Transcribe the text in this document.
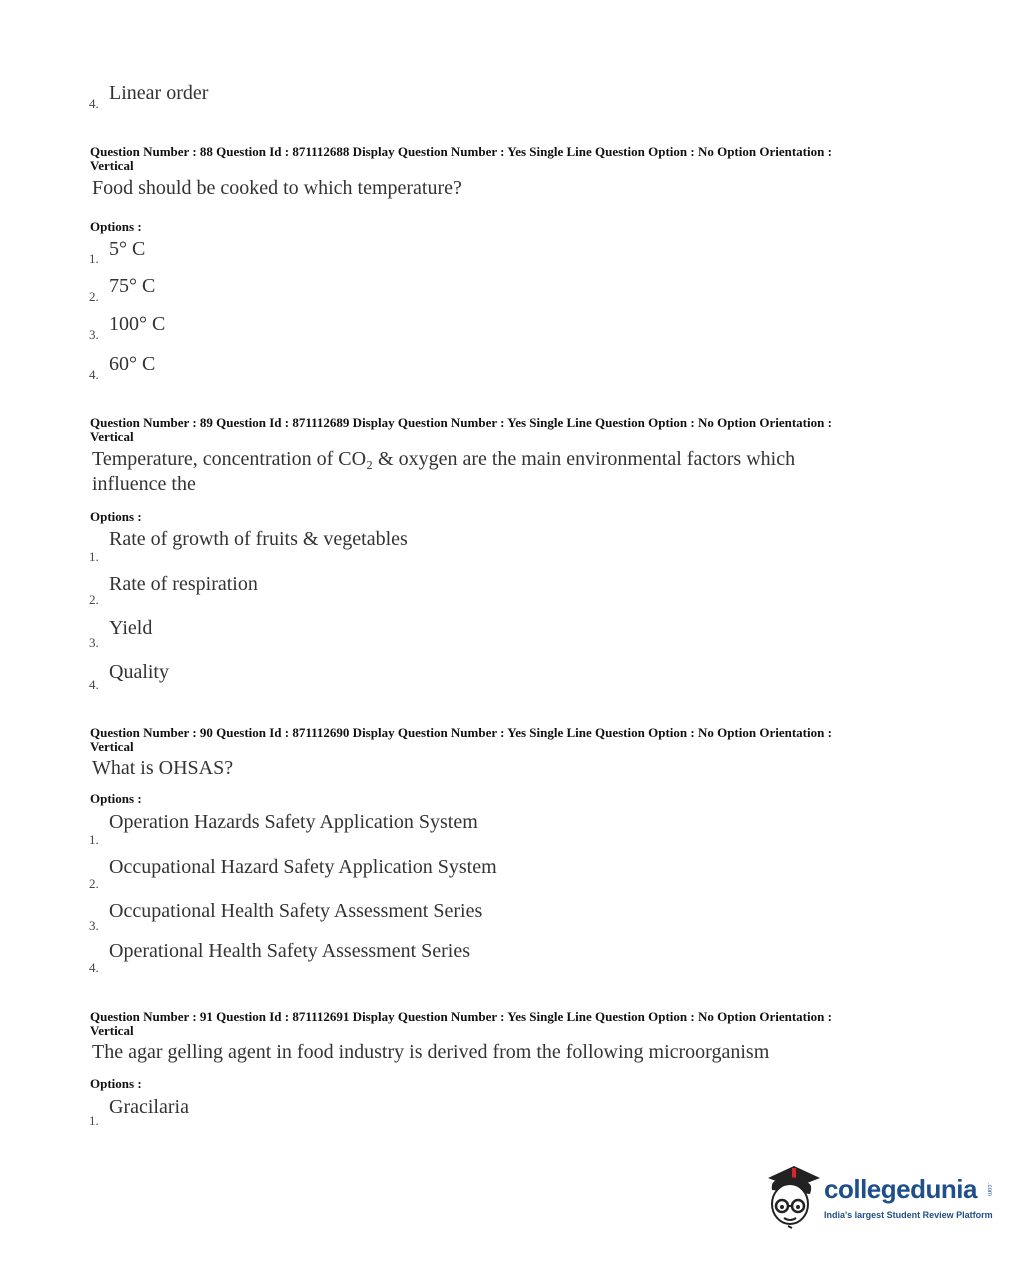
4. Linear order
Question Number : 88 Question Id : 871112688 Display Question Number : Yes Single Line Question Option : No Option Orientation : Vertical
Food should be cooked to which temperature?
Options :
1. 5° C
2. 75° C
3. 100° C
4. 60° C
Question Number : 89 Question Id : 871112689 Display Question Number : Yes Single Line Question Option : No Option Orientation : Vertical
Temperature, concentration of CO₂ & oxygen are the main environmental factors which influence the
Options :
1.
Rate of growth of fruits & vegetables
2.
Rate of respiration
3.
Yield
4.
Quality
Question Number : 90 Question Id : 871112690 Display Question Number : Yes Single Line Question Option : No Option Orientation : Vertical
What is OHSAS?
Options :
1.
Operation Hazards Safety Application System
2.
Occupational Hazard Safety Application System
3.
Occupational Health Safety Assessment Series
4.
Operational Health Safety Assessment Series
Question Number : 91 Question Id : 871112691 Display Question Number : Yes Single Line Question Option : No Option Orientation : Vertical
The agar gelling agent in food industry is derived from the following microorganism
Options :
1.
Gracilaria
collegedunia .com
India's largest Student Review Platform
